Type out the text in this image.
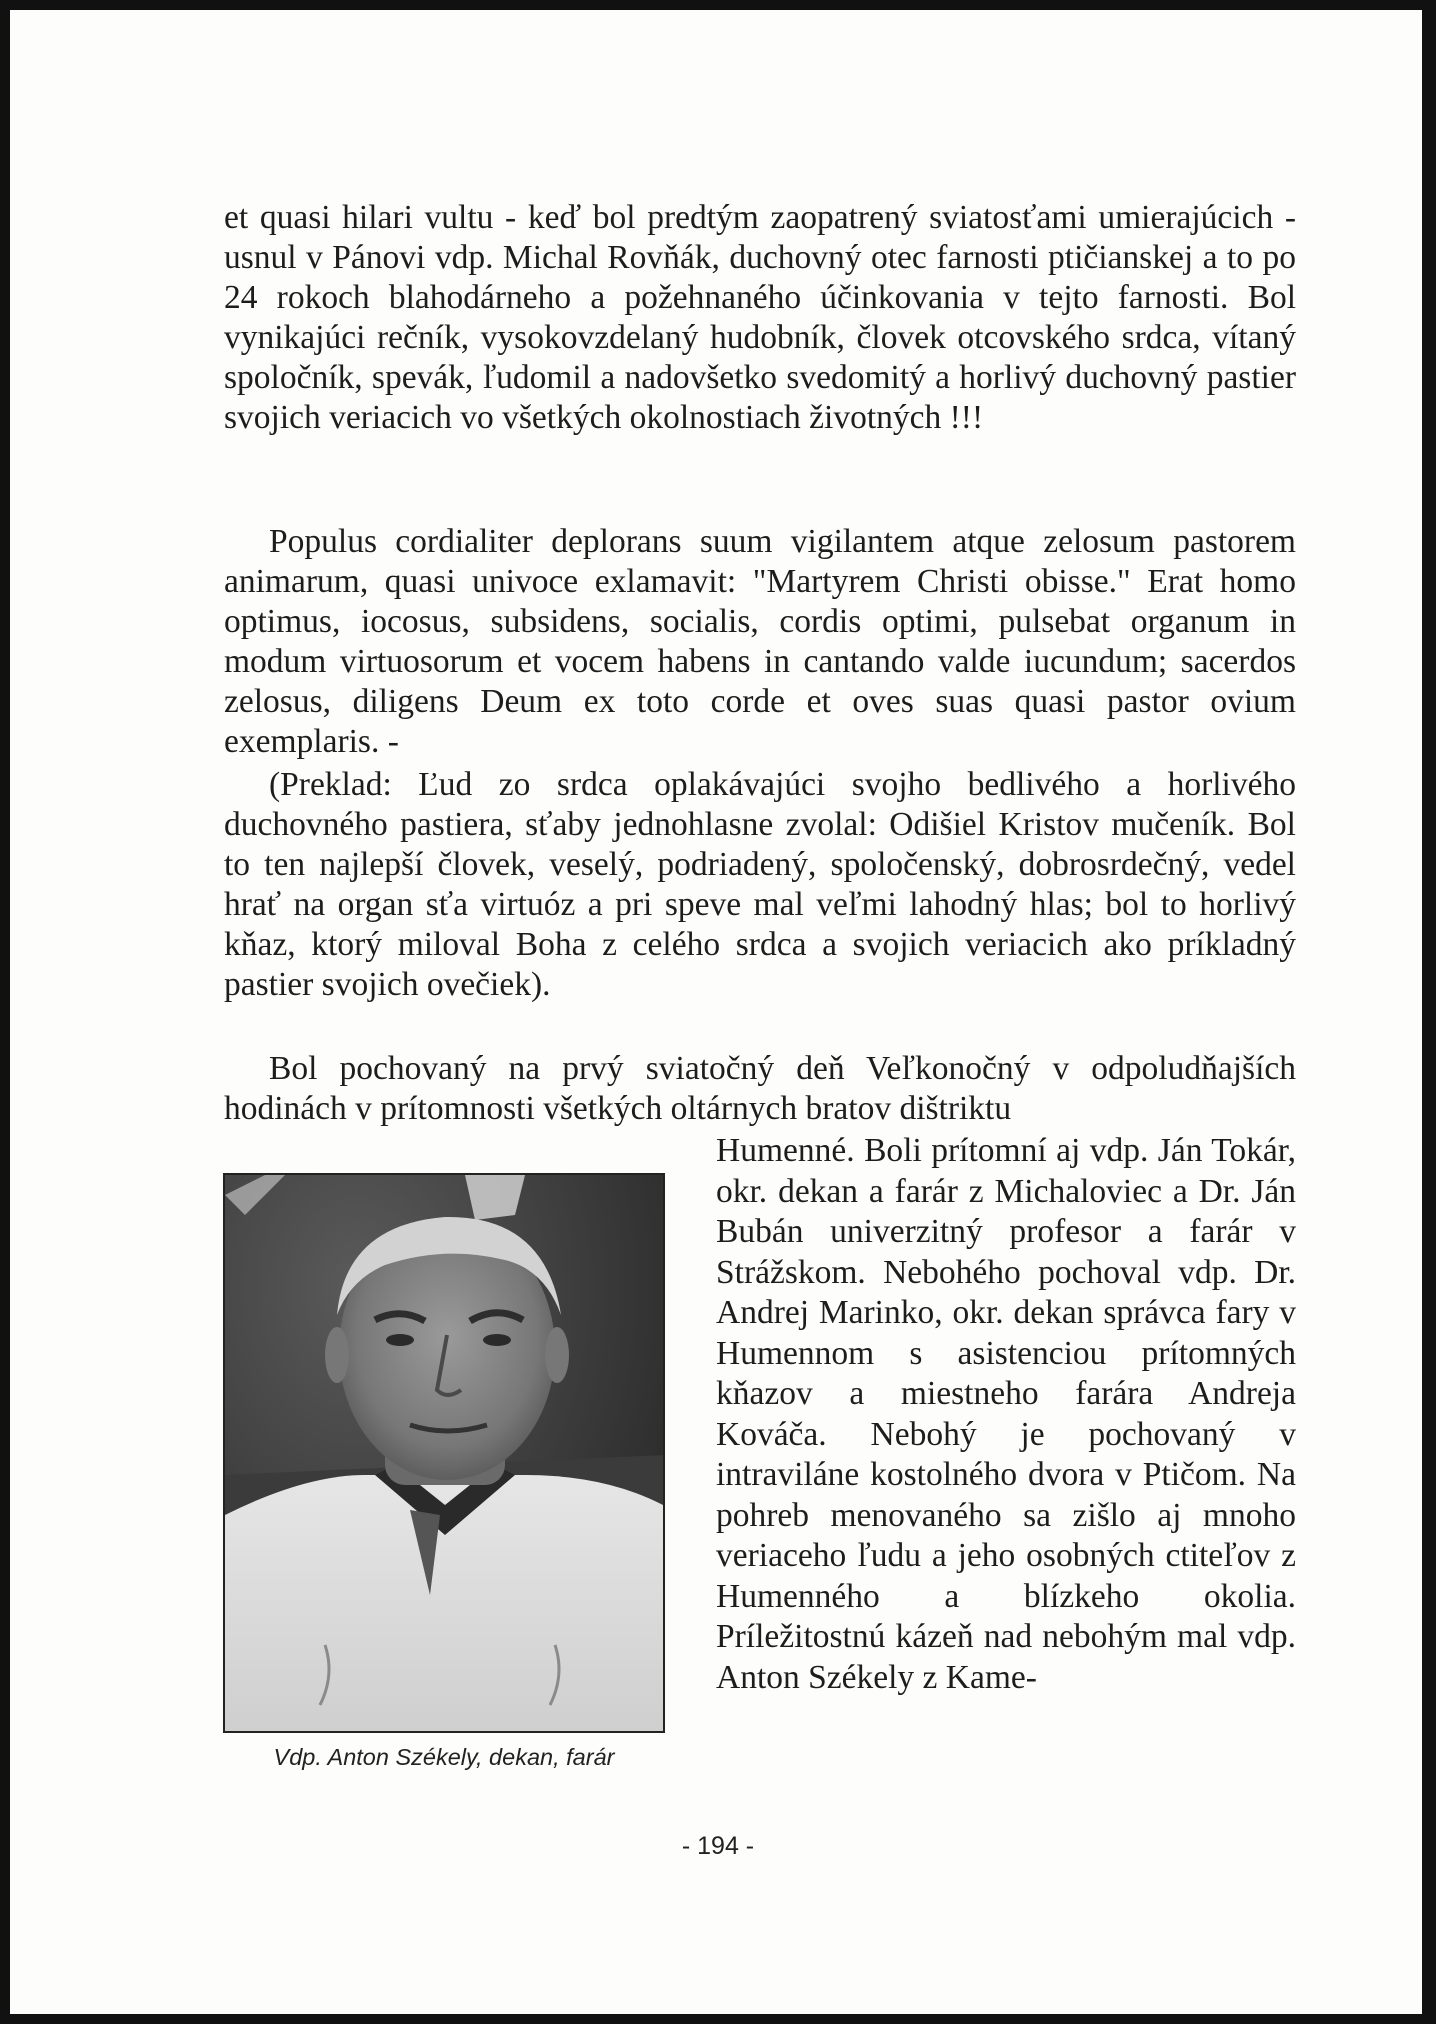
et quasi hilari vultu - keď bol predtým zaopatrený sviatosťami umierajúcich - usnul v Pánovi vdp. Michal Rovňák, duchovný otec farnosti ptičianskej a to po 24 rokoch blahodárneho a požehnaného účinkovania v tejto farnosti. Bol vynikajúci rečník, vysokovzdelaný hudobník, človek otcovského srdca, vítaný spoločník, spevák, ľudomil a nadovšetko svedomitý a horlivý duchovný pastier svojich veriacich vo všetkých okolnostiach životných !!!

Populus cordialiter deplorans suum vigilantem atque zelosum pastorem animarum, quasi univoce exlamavit: "Martyrem Christi obisse." Erat homo optimus, iocosus, subsidens, socialis, cordis optimi, pulsebat organum in modum virtuosorum et vocem habens in cantando valde iucundum; sacerdos zelosus, diligens Deum ex toto corde et oves suas quasi pastor ovium exemplaris. -

(Preklad: Ľud zo srdca oplakávajúci svojho bedlivého a horlivého duchovného pastiera, sťaby jednohlasne zvolal: Odišiel Kristov mučeník. Bol to ten najlepší človek, veselý, podriadený, spoločenský, dobrosrdečný, vedel hrať na organ sťa virtuóz a pri speve mal veľmi lahodný hlas; bol to horlivý kňaz, ktorý miloval Boha z celého srdca a svojich veriacich ako príkladný pastier svojich ovečiek).

Bol pochovaný na prvý sviatočný deň Veľkonočný v odpoludňajších hodinách v prítomnosti všetkých oltárnych bratov dištriktu

Humenné. Boli prítomní aj vdp. Ján Tokár, okr. dekan a farár z Michaloviec a Dr. Ján Bubán univerzitný profesor a farár v Strážskom. Nebohého pochoval vdp. Dr. Andrej Marinko, okr. dekan správca fary v Humennom s asistenciou prítomných kňazov a miestneho farára Andreja Kováča. Nebohý je pochovaný v intraviláne kostolného dvora v Ptičom. Na pohreb menovaného sa zišlo aj mnoho veriaceho ľudu a jeho osobných ctiteľov z Humenného a blízkeho okolia. Príležitostnú kázeň nad nebohým mal vdp. Anton Székely z Kame-

Vdp. Anton Székely, dekan, farár
- 194 -
